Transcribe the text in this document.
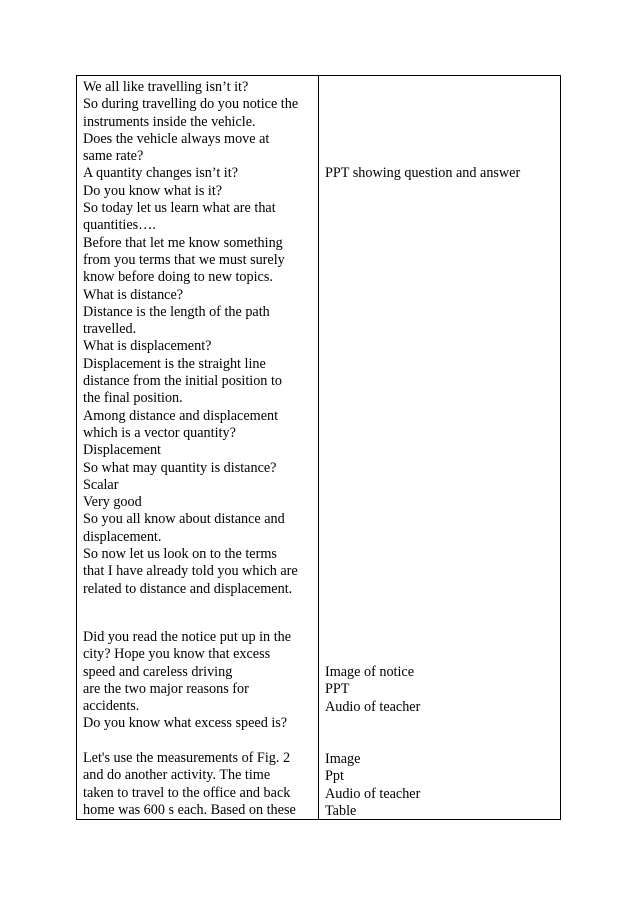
We all like travelling isn’t it?
So during travelling do you notice the
instruments inside the vehicle.
Does the vehicle always move at
same rate?
A quantity changes isn’t it?
Do you know what is it?
So today let us learn what are that
quantities….
Before that let me know something
from you terms that we must surely
know before doing to new topics.
What is distance?
Distance is the length of the path
travelled.
What is displacement?
Displacement is the straight line
distance from the initial position to
the final position.
Among distance and displacement
which is a vector quantity?
Displacement
So what may quantity is distance?
Scalar
Very good
So you all know about distance and
displacement.
So now let us look on to the terms
that I have already told you which are
related to distance and displacement.
Did you read the notice put up in the
city? Hope you know that excess
speed and careless driving
are the two major reasons for
accidents.
Do you know what excess speed is?
Let's use the measurements of Fig. 2
and do another activity. The time
taken to travel to the office and back
home was 600 s each. Based on these
PPT showing question and answer
Image of notice
PPT
Audio of teacher
Image
Ppt
Audio of teacher
Table
